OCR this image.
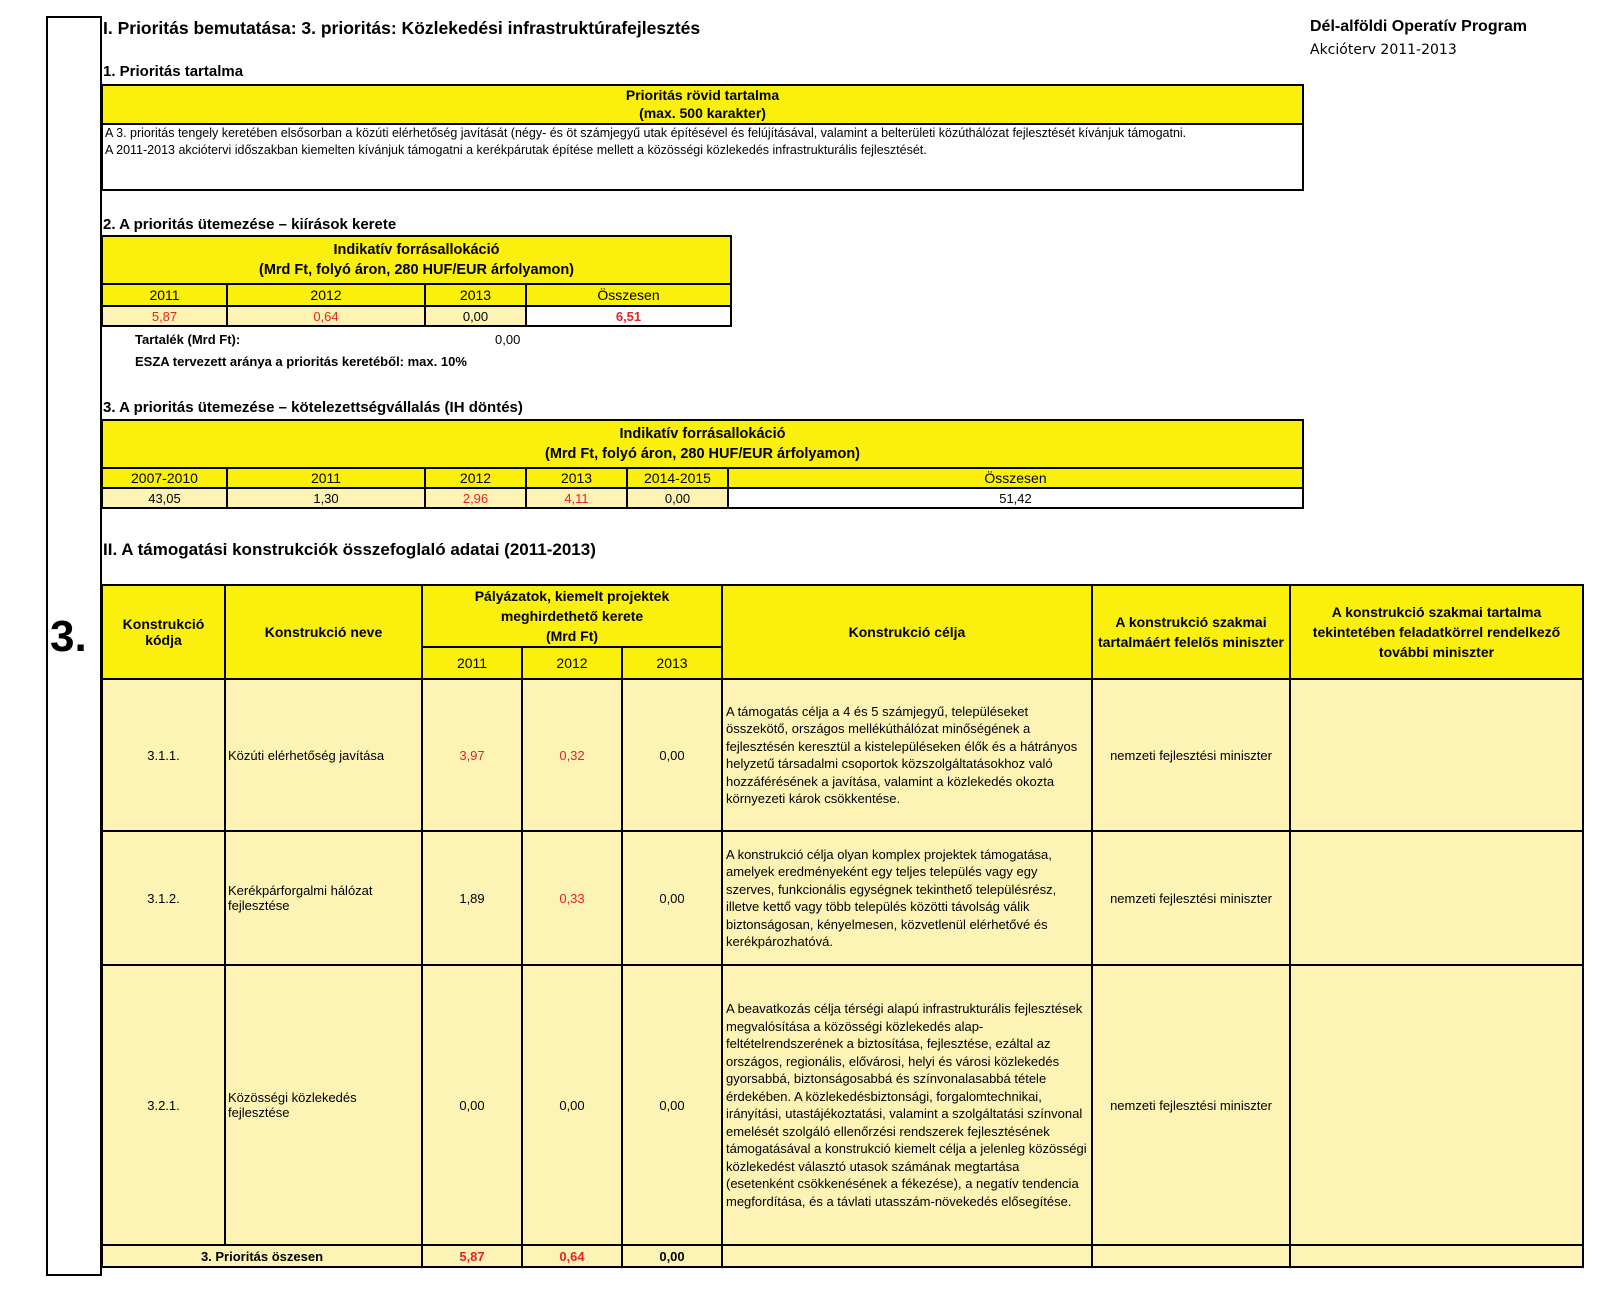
3.
I. Prioritás bemutatása: 3. prioritás: Közlekedési infrastruktúrafejlesztés	Dél-alföldi Operatív Program
Akcióterv 2011-2013
1. Prioritás tartalma
Prioritás rövid tartalma
(max. 500 karakter)
A 3. prioritás tengely keretében elsősorban a közúti elérhetőség javítását (négy- és öt számjegyű utak építésével és felújításával, valamint a belterületi közúthálózat fejlesztését kívánjuk támogatni.
A 2011-2013 akciótervi időszakban kiemelten kívánjuk támogatni a kerékpárutak építése mellett a közösségi közlekedés infrastrukturális fejlesztését.
2. A prioritás ütemezése – kiírások kerete
Indikatív forrásallokáció
(Mrd Ft, folyó áron, 280 HUF/EUR árfolyamon)			

2011	2012	2013	Összesen
5,87	0,64	0,00	6,51
Tartalék (Mrd Ft):	0,00
ESZA tervezett aránya a prioritás keretéből: max. 10%
3. A prioritás ütemezése – kötelezettségvállalás (IH döntés)
Indikatív forrásallokáció
(Mrd Ft, folyó áron, 280 HUF/EUR árfolyamon)					

2007-2010	2011	2012	2013	2014-2015	Összesen
43,05	1,30	2,96	4,11	0,00	51,42
II. A támogatási konstrukciók összefoglaló adatai (2011-2013)
Konstrukció kódja	Konstrukció neve	Pályázatok, kiemelt projektek
meghirdethető kerete
(Mrd Ft)			Konstrukció célja	A konstrukció szakmai tartalmáért felelős miniszter	A konstrukció szakmai tartalma tekintetében feladatkörrel rendelkező további miniszter
		2011	2012	2013			
3.1.1.	Közúti elérhetőség javítása	3,97	0,32	0,00	A támogatás célja a 4 és 5 számjegyű, településeket összekötő, országos mellékúthálózat minőségének a fejlesztésén keresztül a kistelepüléseken élők és a hátrányos helyzetű társadalmi csoportok közszolgáltatásokhoz való hozzáférésének a javítása, valamint a közlekedés okozta környezeti károk csökkentése.	nemzeti fejlesztési miniszter	
3.1.2.	Kerékpárforgalmi hálózat fejlesztése	1,89	0,33	0,00	A konstrukció célja olyan komplex projektek támogatása, amelyek eredményeként egy teljes település vagy egy szerves, funkcionális egységnek tekinthető településrész, illetve kettő vagy több település közötti távolság válik biztonságosan, kényelmesen, közvetlenül elérhetővé és kerékpározhatóvá.	nemzeti fejlesztési miniszter	
3.2.1.	Közösségi közlekedés fejlesztése	0,00	0,00	0,00	A beavatkozás célja térségi alapú infrastrukturális fejlesztések megvalósítása a közösségi közlekedés alap-feltételrendszerének a biztosítása, fejlesztése, ezáltal az országos, regionális, elővárosi, helyi és városi közlekedés gyorsabbá, biztonságosabbá és színvonalasabbá tétele érdekében. A közlekedésbiztonsági, forgalomtechnikai, irányítási, utastájékoztatási, valamint a szolgáltatási színvonal emelését szolgáló ellenőrzési rendszerek fejlesztésének támogatásával a konstrukció kiemelt célja a jelenleg közösségi közlekedést választó utasok számának megtartása (esetenként csökkenésének a fékezése), a negatív tendencia megfordítása, és a távlati utasszám-növekedés elősegítése.	nemzeti fejlesztési miniszter	
3. Prioritás öszesen		5,87	0,64	0,00			
